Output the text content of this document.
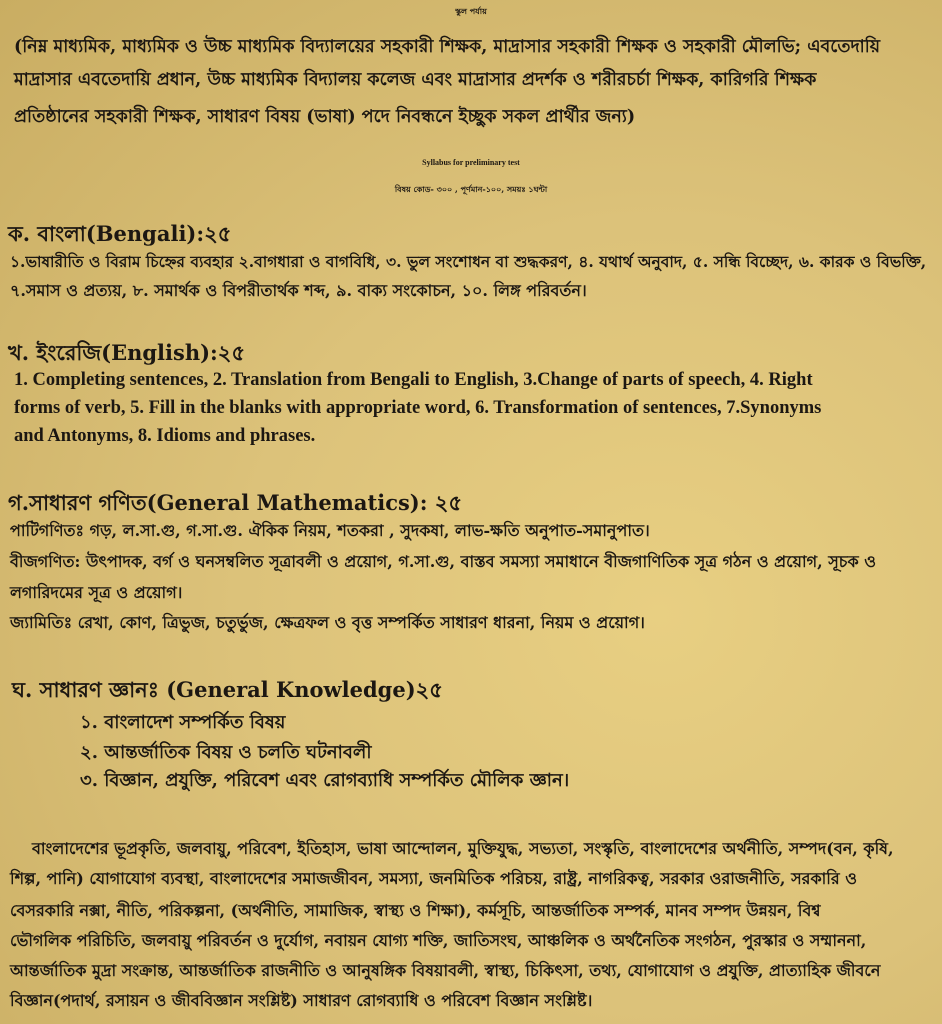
স্কুল পর্যায়
(নিম্ন মাধ্যমিক, মাধ্যমিক ও উচ্চ মাধ্যমিক বিদ্যালয়ের সহকারী শিক্ষক, মাদ্রাসার সহকারী শিক্ষক ও সহকারী মৌলভি; এবতেদায়ি
মাদ্রাসার এবতেদায়ি প্রধান, উচ্চ মাধ্যমিক বিদ্যালয় কলেজ এবং মাদ্রাসার প্রদর্শক ও শরীরচর্চা শিক্ষক, কারিগরি শিক্ষক
প্রতিষ্ঠানের সহকারী শিক্ষক, সাধারণ বিষয় (ভাষা) পদে নিবন্ধনে ইচ্ছুক সকল প্রার্থীর জন্য)
Syllabus for preliminary test
বিষয় কোড- ৩০০ , পূর্ণমান-১০০, সময়ঃ ১ঘন্টা
ক. বাংলা(Bengali):২৫
১.ভাষারীতি ও বিরাম চিহ্নের ব্যবহার ২.বাগধারা ও বাগবিধি, ৩. ভুল সংশোধন বা শুদ্ধকরণ, ৪. যথার্থ অনুবাদ, ৫. সন্ধি বিচ্ছেদ, ৬. কারক ও বিভক্তি,
৭.সমাস ও প্রত্যয়, ৮. সমার্থক ও বিপরীতার্থক শব্দ, ৯. বাক্য সংকোচন, ১০. লিঙ্গ পরিবর্তন।
খ. ইংরেজি(English):২৫
1. Completing sentences, 2. Translation from Bengali to English, 3.Change of parts of speech, 4. Right
forms of verb, 5. Fill in the blanks with appropriate word, 6. Transformation of sentences, 7.Synonyms
and Antonyms, 8. Idioms and phrases.
গ.সাধারণ গণিত(General Mathematics): ২৫
পাটিগণিতঃ গড়, ল.সা.গু, গ.সা.গু. ঐকিক নিয়ম, শতকরা , সুদকষা, লাভ-ক্ষতি অনুপাত-সমানুপাত।
বীজগণিত: উৎপাদক, বর্গ ও ঘনসম্বলিত সূত্রাবলী ও প্রয়োগ, গ.সা.গু, বাস্তব সমস্যা সমাধানে বীজগাণিতিক সূত্র গঠন ও প্রয়োগ, সূচক ও
লগারিদমের সূত্র ও প্রয়োগ।
জ্যামিতিঃ রেখা, কোণ, ত্রিভুজ, চতুর্ভুজ, ক্ষেত্রফল ও বৃত্ত সম্পর্কিত সাধারণ ধারনা, নিয়ম ও প্রয়োগ।
ঘ. সাধারণ জ্ঞানঃ (General Knowledge)২৫
১. বাংলাদেশ সম্পর্কিত বিষয়
২. আন্তর্জাতিক বিষয় ও চলতি ঘটনাবলী
৩. বিজ্ঞান, প্রযুক্তি, পরিবেশ এবং রোগব্যাধি সম্পর্কিত মৌলিক জ্ঞান।
বাংলাদেশের ভূপ্রকৃতি, জলবায়ু, পরিবেশ, ইতিহাস, ভাষা আন্দোলন, মুক্তিযুদ্ধ, সভ্যতা, সংস্কৃতি, বাংলাদেশের অর্থনীতি, সম্পদ(বন, কৃষি,
শিল্প, পানি) যোগাযোগ ব্যবস্থা, বাংলাদেশের সমাজজীবন, সমস্যা, জনমিতিক পরিচয়, রাষ্ট্র, নাগরিকত্ব, সরকার ওরাজনীতি, সরকারি ও
বেসরকারি নক্সা, নীতি, পরিকল্পনা, (অর্থনীতি, সামাজিক, স্বাস্থ্য ও শিক্ষা), কর্মসূচি, আন্তর্জাতিক সম্পর্ক, মানব সম্পদ উন্নয়ন, বিশ্ব
ভৌগলিক পরিচিতি, জলবায়ু পরিবর্তন ও দুর্যোগ, নবায়ন যোগ্য শক্তি, জাতিসংঘ, আঞ্চলিক ও অর্থনৈতিক সংগঠন, পুরস্কার ও সম্মাননা,
আন্তর্জাতিক মুদ্রা সংক্রান্ত, আন্তর্জাতিক রাজনীতি ও আনুষঙ্গিক বিষয়াবলী, স্বাস্থ্য, চিকিৎসা, তথ্য, যোগাযোগ ও প্রযুক্তি, প্রাত্যাহিক জীবনে
বিজ্ঞান(পদার্থ, রসায়ন ও জীববিজ্ঞান সংশ্লিষ্ট) সাধারণ রোগব্যাধি ও পরিবেশ বিজ্ঞান সংশ্লিষ্ট।
